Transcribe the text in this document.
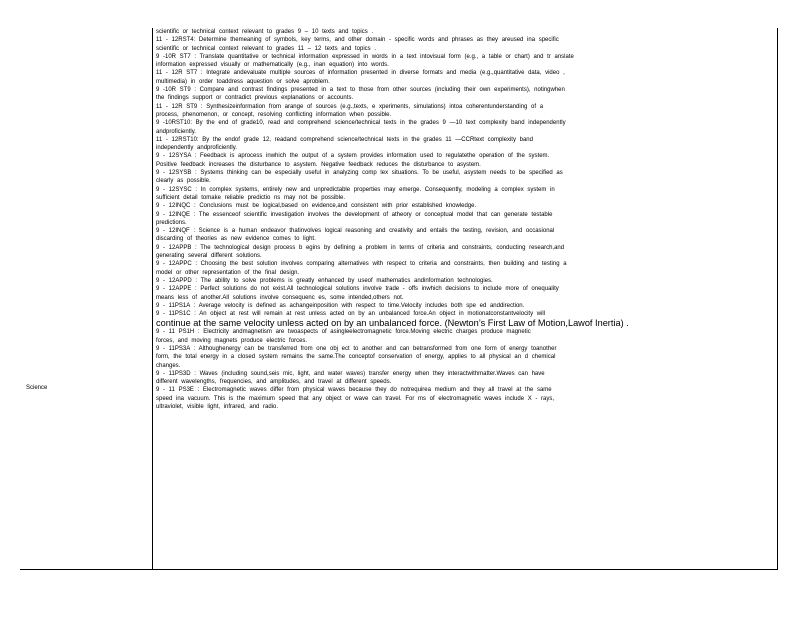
Science
scientific or technical context relevant to grades 9 – 10 texts and topics .
11 - 12RST4: Determine themeaning of symbols, key terms, and other domain - specific words and phrases as they areused ina specific
scientific or technical context relevant to grades 11 – 12 texts and topics .
9 -10R ST7 : Translate quantitative or technical information expressed in words in a text intovisual form (e.g., a table or chart) and tr anslate
information expressed visually or mathematically (e.g., inan equation) into words.
11 - 12R ST7 : Integrate andevaluate multiple sources of information presented in diverse formats and media (e.g.,quantitative data, video ,
multimedia) in order toaddress aquestion or solve aproblem.
9 -10R ST9 : Compare and contrast findings presented in a text to those from other sources (including their own experiments), notingwhen
the findings support or contradict previous explanations or accounts.
11 - 12R ST9 : Synthesizeinformation from arange of sources (e.g.,texts, e xperiments, simulations) intoa coherentunderstanding of a
process, phenomenon, or concept, resolving conflicting information when possible.
9 -10RST10: By the end of grade10, read and comprehend science/technical texts in the grades 9 —10 text complexity band independently
andproficiently.
11 - 12RST10: By the endof grade 12, readand comprehend science/technical texts in the grades 11 —CCRtext complexity band
independently andproficiently.
9 - 12SYSA : Feedback is aprocess inwhich the output of a system provides information used to regulatethe operation of the system.
Positive feedback increases the disturbance to asystem. Negative feedback reduces the disturbance to asystem.
9 - 12SYSB : Systems thinking can be especially useful in analyzing comp lex situations. To be useful, asystem needs to be specified as
clearly as possible.
9 - 12SYSC : In complex systems, entirely new and unpredictable properties may emerge. Consequently, modeling a complex system in
sufficient detail tomake reliable predictio ns may not be possible.
9 - 12INQC : Conclusions must be logical,based on evidence,and consistent with prior established knowledge.
9 - 12INQE : The essenceof scientific investigation involves the development of atheory or conceptual model that can generate testable
predictions.
9 - 12INQF : Science is a human endeavor thatinvolves logical reasoning and creativity and entails the testing, revision, and occasional
discarding of theories as new evidence comes to light.
9 - 12APPB : The technological design process b egins by defining a problem in terms of criteria and constraints, conducting research,and
generating several different solutions.
9 - 12APPC : Choosing the best solution involves comparing alternatives with respect to criteria and constraints, then building and testing a
model or other representation of the final design.
9 - 12APPD : The ability to solve problems is greatly enhanced by useof mathematics andinformation technologies.
9 - 12APPE : Perfect solutions do not exist.All technological solutions involve trade - offs inwhich decisions to include more of onequality
means less of another.All solutions involve consequenc es, some intended,others not.
9 - 11PS1A : Average velocity is defined as achangeinposition with respect to time.Velocity includes both spe ed anddirection.
9 - 11PS1C : An object at rest will remain at rest unless acted on by an unbalanced force.An object in motionatconstantvelocity will
continue at the same velocity unless acted on by an unbalanced force. (Newton’s First Law of Motion,Lawof Inertia) .
9 - 11 PS1H : Electricity andmagnetism are twoaspects of asingleelectromagnetic force.Moving electric charges produce magnetic
forces, and moving magnets produce electric forces.
9 - 11PS3A : Althoughenergy can be transferred from one obj ect to another and can betransformed from one form of energy toanother
form, the total energy in a closed system remains the same.The conceptof conservation of energy, applies to all physical an d chemical
changes.
9 - 11PS3D : Waves (including sound,seis mic, light, and water waves) transfer energy when they interactwithmatter.Waves can have
different wavelengths, frequencies, and amplitudes, and travel at different speeds.
9 - 11 PS3E : Electromagnetic waves differ from physical waves because they do notrequirea medium and they all travel at the same
speed ina vacuum. This is the maximum speed that any object or wave can travel. For ms of electromagnetic waves include X - rays,
ultraviolet, visible light, infrared, and radio.
